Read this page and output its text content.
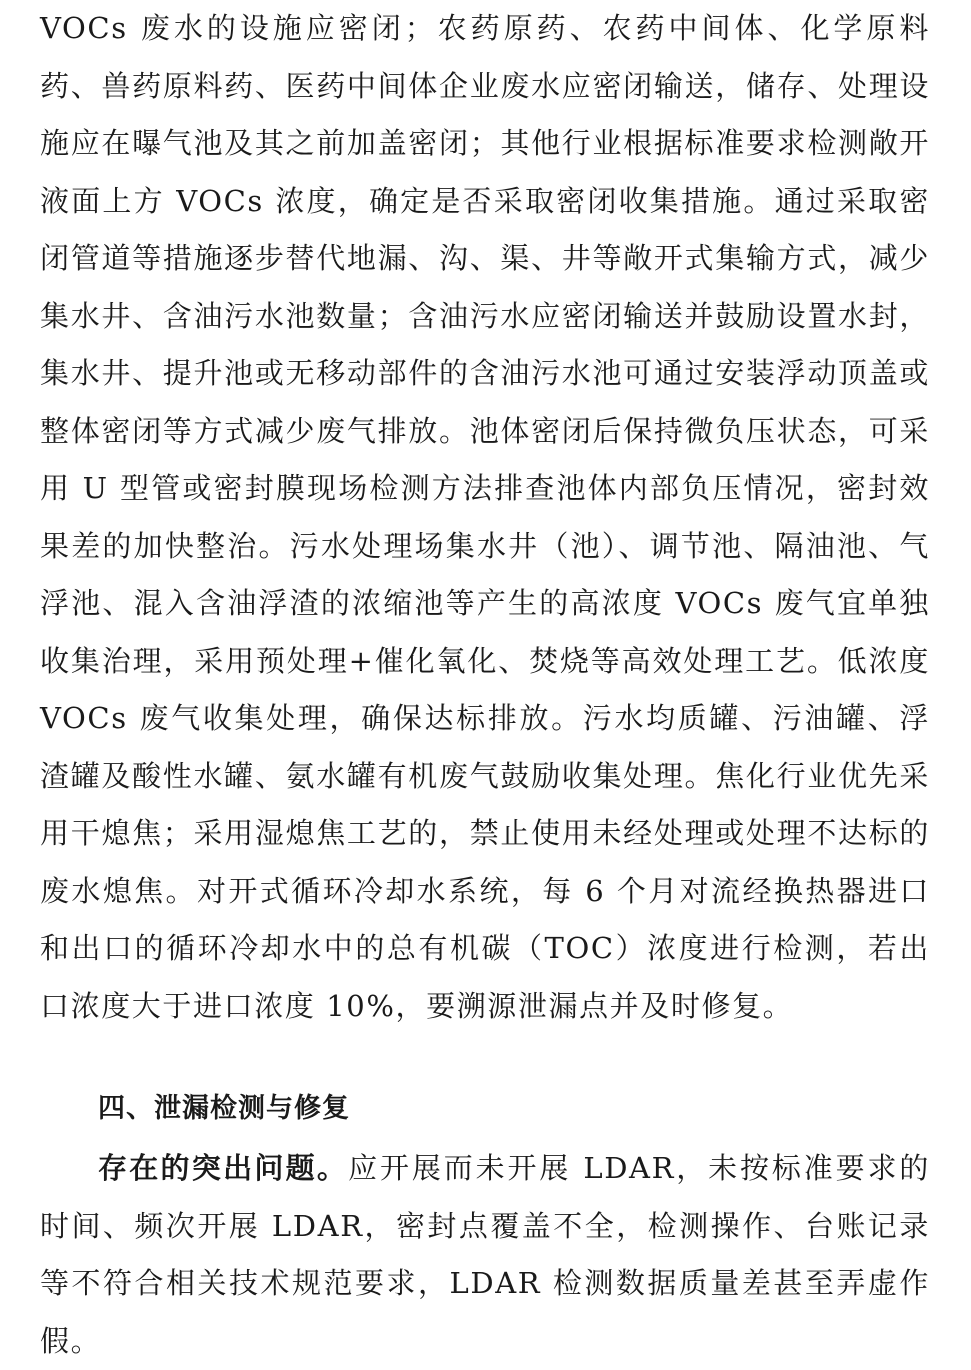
VOCs 废水的设施应密闭；农药原药、农药中间体、化学原料药、兽药原料药、医药中间体企业废水应密闭输送，储存、处理设施应在曝气池及其之前加盖密闭；其他行业根据标准要求检测敞开液面上方 VOCs 浓度，确定是否采取密闭收集措施。通过采取密闭管道等措施逐步替代地漏、沟、渠、井等敞开式集输方式，减少集水井、含油污水池数量；含油污水应密闭输送并鼓励设置水封，集水井、提升池或无移动部件的含油污水池可通过安装浮动顶盖或整体密闭等方式减少废气排放。池体密闭后保持微负压状态，可采用 U 型管或密封膜现场检测方法排查池体内部负压情况，密封效果差的加快整治。污水处理场集水井（池）、调节池、隔油池、气浮池、混入含油浮渣的浓缩池等产生的高浓度 VOCs 废气宜单独收集治理，采用预处理+催化氧化、焚烧等高效处理工艺。低浓度 VOCs 废气收集处理，确保达标排放。污水均质罐、污油罐、浮渣罐及酸性水罐、氨水罐有机废气鼓励收集处理。焦化行业优先采用干熄焦；采用湿熄焦工艺的，禁止使用未经处理或处理不达标的废水熄焦。对开式循环冷却水系统，每 6 个月对流经换热器进口和出口的循环冷却水中的总有机碳（TOC）浓度进行检测，若出口浓度大于进口浓度 10%，要溯源泄漏点并及时修复。

四、泄漏检测与修复

存在的突出问题。应开展而未开展 LDAR，未按标准要求的时间、频次开展 LDAR，密封点覆盖不全，检测操作、台账记录等不符合相关技术规范要求，LDAR 检测数据质量差甚至弄虚作假。
